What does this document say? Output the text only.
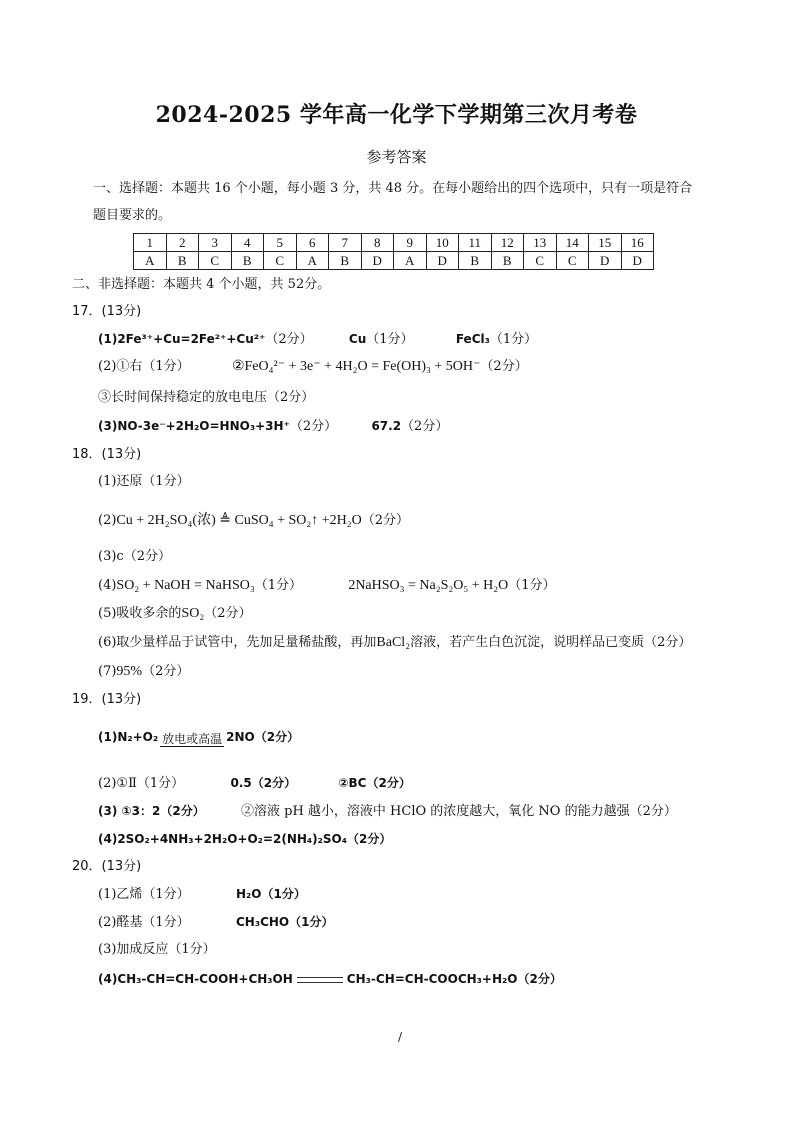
2024-2025 学年高一化学下学期第三次月考卷
参考答案
一、选择题：本题共 16 个小题，每小题 3 分，共 48 分。在每小题给出的四个选项中，只有一项是符合
题目要求的。
1	2	3	4	5	6	7	8	9	10	11	12	13	14	15	16
A	B	C	B	C	A	B	D	A	D	B	B	C	C	D	D
二、非选择题：本题共 4 个小题，共 52分。
17．(13分)
(1)2Fe³⁺+Cu=2Fe²⁺+Cu²⁺（2分）	Cu（1分）	FeCl₃（1分）
(2)①右（1分）	②FeO₄²⁻ + 3e⁻ + 4H₂O = Fe(OH)₃ + 5OH⁻（2分）
③长时间保持稳定的放电电压（2分）
(3)NO-3e⁻+2H₂O=HNO₃+3H⁺（2分）	67.2（2分）
18．(13分)
(1)还原（1分）
(2)Cu + 2H₂SO₄(浓) ≜ CuSO₄ + SO₂↑ +2H₂O（2分）
(3)c（2分）
(4)SO₂ + NaOH = NaHSO₃（1分）	2NaHSO₃ = Na₂S₂O₅ + H₂O（1分）
(5)吸收多余的SO₂（2分）
(6)取少量样品于试管中，先加足量稀盐酸，再加BaCl₂溶液，若产生白色沉淀，说明样品已变质（2分）
(7)95%（2分）
19．(13分)
(1)N₂+O₂ 放电或高温 2NO（2分）
(2)①Ⅱ（1分）	0.5（2分）	②BC（2分）
(3) ①3：2（2分）	②溶液 pH 越小，溶液中 HClO 的浓度越大，氧化 NO 的能力越强（2分）
(4)2SO₂+4NH₃+2H₂O+O₂=2(NH₄)₂SO₄（2分）
20．(13分)
(1)乙烯（1分）	H₂O（1分）
(2)醛基（1分）	CH₃CHO（1分）
(3)加成反应（1分）
(4)CH₃-CH=CH-COOH+CH₃OH	CH₃-CH=CH-COOCH₃+H₂O（2分）
/
